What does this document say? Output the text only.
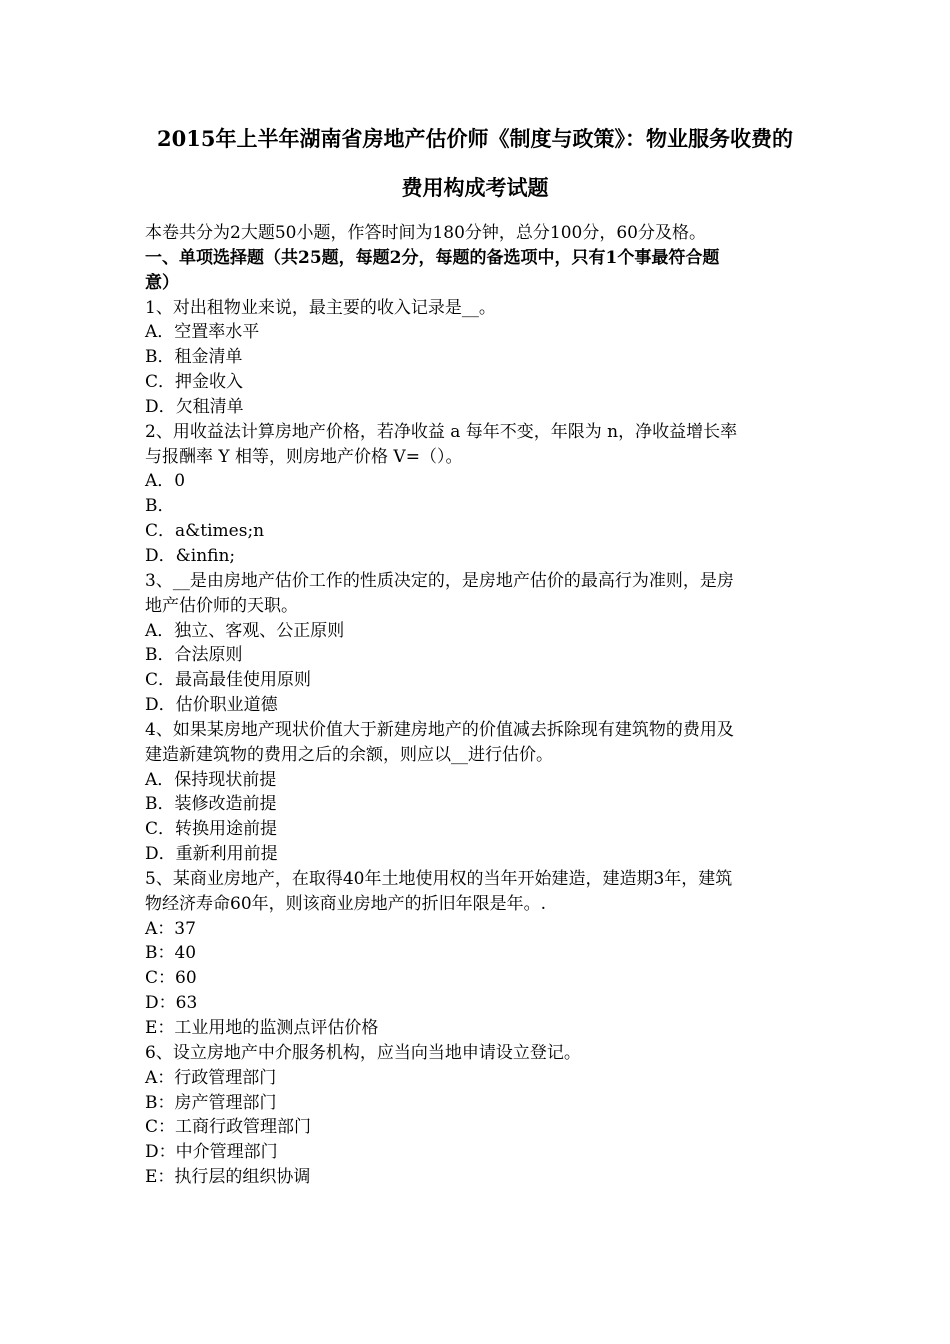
2015年上半年湖南省房地产估价师《制度与政策》：物业服务收费的
费用构成考试题
本卷共分为2大题50小题，作答时间为180分钟，总分100分，60分及格。
一、单项选择题（共25题，每题2分，每题的备选项中，只有1个事最符合题
意）
1、对出租物业来说，最主要的收入记录是__。
A．空置率水平
B．租金清单
C．押金收入
D．欠租清单
2、用收益法计算房地产价格，若净收益 a 每年不变，年限为 n，净收益增长率
与报酬率 Y 相等，则房地产价格 V=（）。
A．0
B．
C．a&times;n
D．&infin;
3、__是由房地产估价工作的性质决定的，是房地产估价的最高行为准则，是房
地产估价师的天职。
A．独立、客观、公正原则
B．合法原则
C．最高最佳使用原则
D．估价职业道德
4、如果某房地产现状价值大于新建房地产的价值减去拆除现有建筑物的费用及
建造新建筑物的费用之后的余额，则应以__进行估价。
A．保持现状前提
B．装修改造前提
C．转换用途前提
D．重新利用前提
5、某商业房地产，在取得40年土地使用权的当年开始建造，建造期3年，建筑
物经济寿命60年，则该商业房地产的折旧年限是年。.
A：37
B：40
C：60
D：63
E：工业用地的监测点评估价格
6、设立房地产中介服务机构，应当向当地申请设立登记。
A：行政管理部门
B：房产管理部门
C：工商行政管理部门
D：中介管理部门
E：执行层的组织协调
